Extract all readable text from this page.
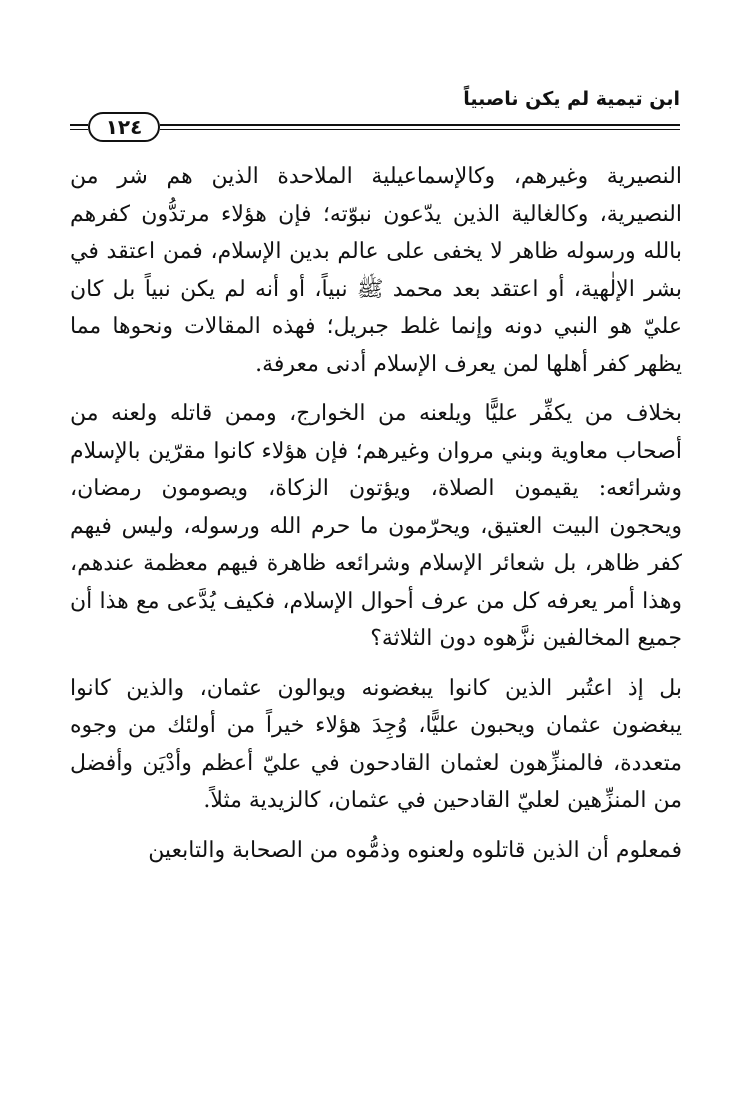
ابن تيمية لم يكن ناصبياً
١٢٤

النصيرية وغيرهم، وكالإسماعيلية الملاحدة الذين هم شر من النصيرية، وكالغالية الذين يدّعون نبوّته؛ فإن هؤلاء مرتدُّون كفرهم بالله ورسوله ظاهر لا يخفى على عالم بدين الإسلام، فمن اعتقد في بشر الإلٰهية، أو اعتقد بعد محمد ﷺ نبياً، أو أنه لم يكن نبياً بل كان عليّ هو النبي دونه وإنما غلط جبريل؛ فهذه المقالات ونحوها مما يظهر كفر أهلها لمن يعرف الإسلام أدنى معرفة.

بخلاف من يكفِّر عليًّا ويلعنه من الخوارج، وممن قاتله ولعنه من أصحاب معاوية وبني مروان وغيرهم؛ فإن هؤلاء كانوا مقرّين بالإسلام وشرائعه: يقيمون الصلاة، ويؤتون الزكاة، ويصومون رمضان، ويحجون البيت العتيق، ويحرّمون ما حرم الله ورسوله، وليس فيهم كفر ظاهر، بل شعائر الإسلام وشرائعه ظاهرة فيهم معظمة عندهم، وهذا أمر يعرفه كل من عرف أحوال الإسلام، فكيف يُدَّعى مع هذا أن جميع المخالفين نزَّهوه دون الثلاثة؟

بل إذ اعتُبر الذين كانوا يبغضونه ويوالون عثمان، والذين كانوا يبغضون عثمان ويحبون عليًّا، وُجِدَ هؤلاء خيراً من أولئك من وجوه متعددة، فالمنزِّهون لعثمان القادحون في عليّ أعظم وأدْيَن وأفضل من المنزِّهين لعليّ القادحين في عثمان، كالزيدية مثلاً.

فمعلوم أن الذين قاتلوه ولعنوه وذمُّوه من الصحابة والتابعين
